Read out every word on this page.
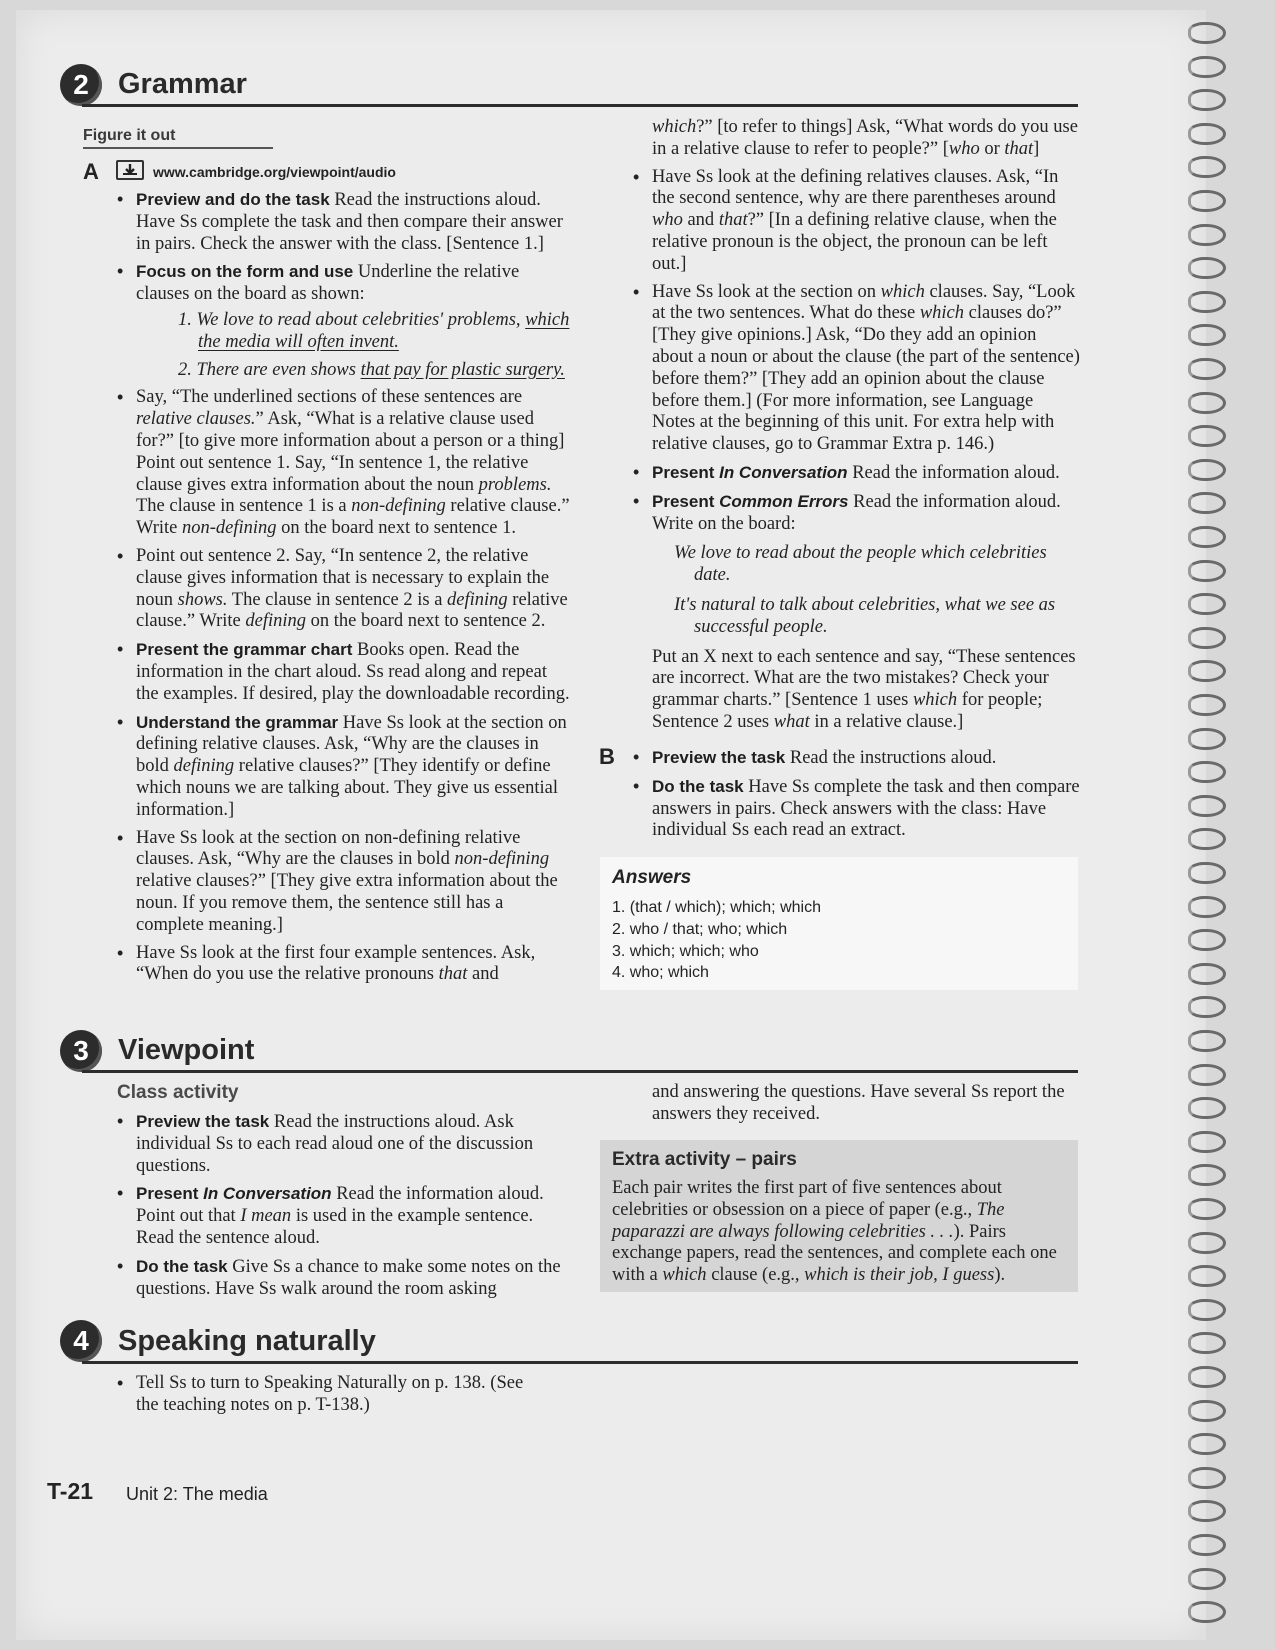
2	Grammar
Figure it out
A	www.cambridge.org/viewpoint/audio
• Preview and do the task Read the instructions aloud. Have Ss complete the task and then compare their answer in pairs. Check the answer with the class. [Sentence 1.]
• Focus on the form and use Underline the relative clauses on the board as shown:
1. We love to read about celebrities' problems, which the media will often invent.
2. There are even shows that pay for plastic surgery.
• Say, “The underlined sections of these sentences are relative clauses.” Ask, “What is a relative clause used for?” [to give more information about a person or a thing] Point out sentence 1. Say, “In sentence 1, the relative clause gives extra information about the noun problems. The clause in sentence 1 is a non-defining relative clause.” Write non-defining on the board next to sentence 1.
• Point out sentence 2. Say, “In sentence 2, the relative clause gives information that is necessary to explain the noun shows. The clause in sentence 2 is a defining relative clause.” Write defining on the board next to sentence 2.
• Present the grammar chart Books open. Read the information in the chart aloud. Ss read along and repeat the examples. If desired, play the downloadable recording.
• Understand the grammar Have Ss look at the section on defining relative clauses. Ask, “Why are the clauses in bold defining relative clauses?” [They identify or define which nouns we are talking about. They give us essential information.]
• Have Ss look at the section on non-defining relative clauses. Ask, “Why are the clauses in bold non-defining relative clauses?” [They give extra information about the noun. If you remove them, the sentence still has a complete meaning.]
• Have Ss look at the first four example sentences. Ask, “When do you use the relative pronouns that and
which?” [to refer to things] Ask, “What words do you use in a relative clause to refer to people?” [who or that]
• Have Ss look at the defining relatives clauses. Ask, “In the second sentence, why are there parentheses around who and that?” [In a defining relative clause, when the relative pronoun is the object, the pronoun can be left out.]
• Have Ss look at the section on which clauses. Say, “Look at the two sentences. What do these which clauses do?” [They give opinions.] Ask, “Do they add an opinion about a noun or about the clause (the part of the sentence) before them?” [They add an opinion about the clause before them.] (For more information, see Language Notes at the beginning of this unit. For extra help with relative clauses, go to Grammar Extra p. 146.)
• Present In Conversation Read the information aloud.
• Present Common Errors Read the information aloud. Write on the board:
We love to read about the people which celebrities date.
It's natural to talk about celebrities, what we see as successful people.
Put an X next to each sentence and say, “These sentences are incorrect. What are the two mistakes? Check your grammar charts.” [Sentence 1 uses which for people; Sentence 2 uses what in a relative clause.]
B
•	Preview the task Read the instructions aloud.
• Do the task Have Ss complete the task and then compare answers in pairs. Check answers with the class: Have individual Ss each read an extract.
Answers
1. (that / which); which; which
2. who / that; who; which
3. which; which; who
4. who; which
3	Viewpoint
Class activity
• Preview the task Read the instructions aloud. Ask individual Ss to each read aloud one of the discussion questions.
• Present In Conversation Read the information aloud. Point out that I mean is used in the example sentence. Read the sentence aloud.
• Do the task Give Ss a chance to make some notes on the questions. Have Ss walk around the room asking
and answering the questions. Have several Ss report the answers they received.
Extra activity – pairs
Each pair writes the first part of five sentences about celebrities or obsession on a piece of paper (e.g., The paparazzi are always following celebrities . . .). Pairs exchange papers, read the sentences, and complete each one with a which clause (e.g., which is their job, I guess).
4	Speaking naturally
• Tell Ss to turn to Speaking Naturally on p. 138. (See the teaching notes on p. T-138.)
T-21 Unit 2: The media
